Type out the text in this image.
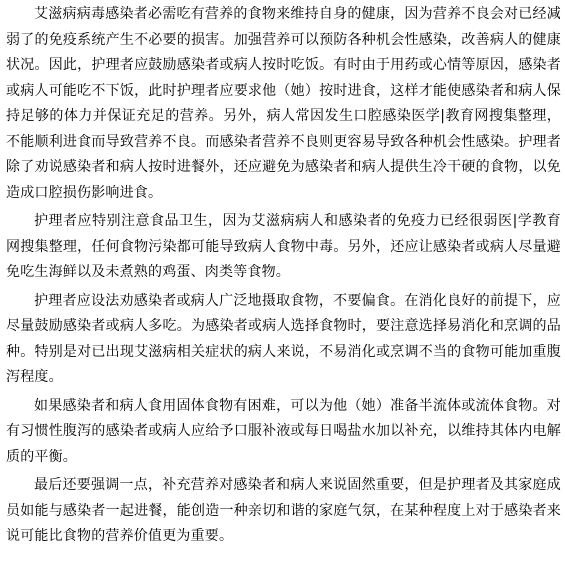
艾滋病病毒感染者必需吃有营养的食物来维持自身的健康，因为营养不良会对已经减弱了的免疫系统产生不必要的损害。加强营养可以预防各种机会性感染，改善病人的健康状况。因此，护理者应鼓励感染者或病人按时吃饭。有时由于用药或心情等原因，感染者或病人可能吃不下饭，此时护理者应要求他（她）按时进食，这样才能使感染者和病人保持足够的体力并保证充足的营养。另外，病人常因发生口腔感染医学|教育网搜集整理，不能顺利进食而导致营养不良。而感染者营养不良则更容易导致各种机会性感染。护理者除了劝说感染者和病人按时进餐外，还应避免为感染者和病人提供生冷干硬的食物，以免造成口腔损伤影响进食。

护理者应特别注意食品卫生，因为艾滋病病人和感染者的免疫力已经很弱医|学教育网搜集整理，任何食物污染都可能导致病人食物中毒。另外，还应让感染者或病人尽量避免吃生海鲜以及未煮熟的鸡蛋、肉类等食物。

护理者应设法劝感染者或病人广泛地摄取食物，不要偏食。在消化良好的前提下，应尽量鼓励感染者或病人多吃。为感染者或病人选择食物时，要注意选择易消化和烹调的品种。特别是对已出现艾滋病相关症状的病人来说，不易消化或烹调不当的食物可能加重腹泻程度。

如果感染者和病人食用固体食物有困难，可以为他（她）准备半流体或流体食物。对有习惯性腹泻的感染者或病人应给予口服补液或每日喝盐水加以补充，以维持其体内电解质的平衡。

最后还要强调一点，补充营养对感染者和病人来说固然重要，但是护理者及其家庭成员如能与感染者一起进餐，能创造一种亲切和谐的家庭气氛，在某种程度上对于感染者来说可能比食物的营养价值更为重要。
